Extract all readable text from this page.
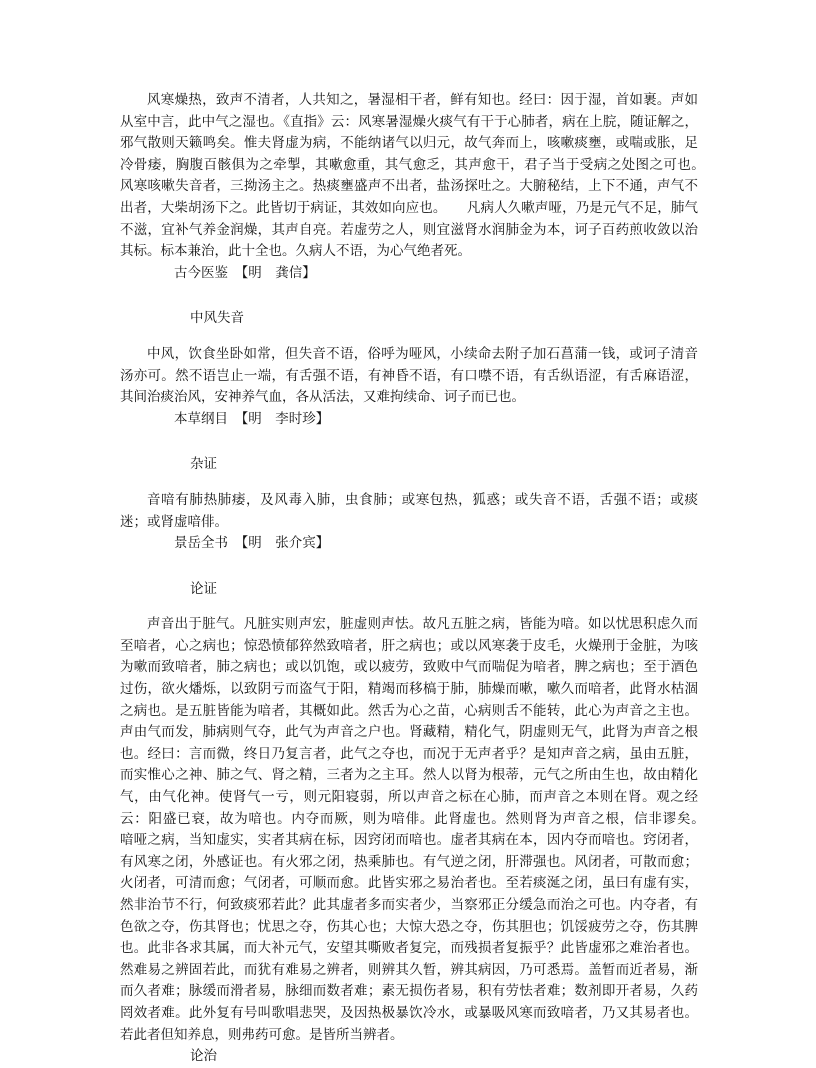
风寒燥热，致声不清者，人共知之，暑湿相干者，鲜有知也。经曰：因于湿，首如裹。声如从室中言，此中气之湿也。《直指》云：风寒暑湿燥火痰气有干于心肺者，病在上脘，随证解之，邪气散则天籁鸣矣。惟夫肾虚为病，不能纳诸气以归元，故气奔而上，咳嗽痰壅，或喘或胀，足冷骨痿，胸腹百骸俱为之牵掣，其嗽愈重，其气愈乏，其声愈干，君子当于受病之处图之可也。　　风寒咳嗽失音者，三拗汤主之。热痰壅盛声不出者，盐汤探吐之。大腑秘结，上下不通，声气不出者，大柴胡汤下之。此皆切于病证，其效如向应也。　　凡病人久嗽声哑，乃是元气不足，肺气不滋，宜补气养金润燥，其声自亮。若虚劳之人，则宜滋肾水润肺金为本，诃子百药煎收敛以治其标。标本兼治，此十全也。久病人不语，为心气绝者死。

古今医鉴　【明　龚信】

中风失音

中风，饮食坐卧如常，但失音不语，俗呼为哑风，小续命去附子加石菖蒲一钱，或诃子清音汤亦可。然不语岂止一端，有舌强不语，有神昏不语，有口噤不语，有舌纵语涩，有舌麻语涩，其间治痰治风，安神养气血，各从活法，又难拘续命、诃子而已也。

本草纲目　【明　李时珍】

杂证

音喑有肺热肺痿，及风毒入肺，虫食肺；或寒包热，狐惑；或失音不语，舌强不语；或痰迷；或肾虚喑俳。

景岳全书　【明　张介宾】

论证

声音出于脏气。凡脏实则声宏，脏虚则声怯。故凡五脏之病，皆能为喑。如以忧思积虑久而至喑者，心之病也；惊恐愤郁猝然致喑者，肝之病也；或以风寒袭于皮毛，火燥刑于金脏，为咳为嗽而致喑者，肺之病也；或以饥饱，或以疲劳，致败中气而喘促为喑者，脾之病也；至于酒色过伤，欲火燔烁，以致阴亏而盗气于阳，精竭而移槁于肺，肺燥而嗽，嗽久而喑者，此肾水枯涸之病也。是五脏皆能为喑者，其概如此。然舌为心之苗，心病则舌不能转，此心为声音之主也。声由气而发，肺病则气夺，此气为声音之户也。肾藏精，精化气，阴虚则无气，此肾为声音之根也。经曰：言而微，终日乃复言者，此气之夺也，而况于无声者乎？是知声音之病，虽由五脏，而实惟心之神、肺之气、肾之精，三者为之主耳。然人以肾为根蒂，元气之所由生也，故由精化气，由气化神。使肾气一亏，则元阳寝弱，所以声音之标在心肺，而声音之本则在肾。观之经云：阳盛已衰，故为喑也。内夺而厥，则为喑俳。此肾虚也。然则肾为声音之根，信非谬矣。　　喑哑之病，当知虚实，实者其病在标，因窍闭而喑也。虚者其病在本，因内夺而喑也。窍闭者，有风寒之闭，外感证也。有火邪之闭，热乘肺也。有气逆之闭，肝滞强也。风闭者，可散而愈；火闭者，可清而愈；气闭者，可顺而愈。此皆实邪之易治者也。至若痰涎之闭，虽曰有虚有实，然非治节不行，何致痰邪若此？此其虚者多而实者少，当察邪正分缓急而治之可也。内夺者，有色欲之夺，伤其肾也；忧思之夺，伤其心也；大惊大恐之夺，伤其胆也；饥馁疲劳之夺，伤其脾也。此非各求其属，而大补元气，安望其嘶败者复完，而残损者复振乎？此皆虚邪之难治者也。然难易之辨固若此，而犹有难易之辨者，则辨其久暂，辨其病因，乃可悉焉。盖暂而近者易，渐而久者难；脉缓而滑者易，脉细而数者难；素无损伤者易，积有劳怯者难；数剂即开者易，久药罔效者难。此外复有号叫歌唱悲哭，及因热极暴饮冷水，或暴吸风寒而致喑者，乃又其易者也。若此者但知养息，则弗药可愈。是皆所当辨者。

论治
